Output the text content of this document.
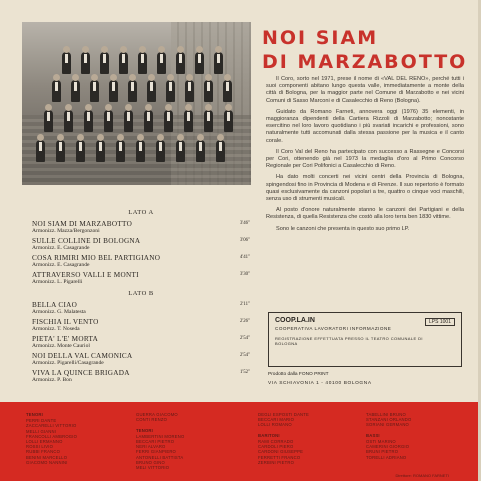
NOI SIAM
DI MARZABOTTO

Il Coro, sorto nel 1971, prese il nome di «VAL DEL RENO», perché tutti i suoi componenti abitano lungo questa valle, immediatamente a monte della città di Bologna, per la maggior parte nel Comune di Marzabotto e nei vicini Comuni di Sasso Marconi e di Casalecchio di Reno (Bologna).

Guidato da Romano Farneti, annovera oggi (1976) 35 elementi, in maggioranza dipendenti della Cartiera Rizzoli di Marzabotto; nonostante esercitino nel loro lavoro quotidiano i più svariati incarichi e professioni, sono naturalmente tutti accomunati dalla stessa passione per la musica e il canto corale.

Il Coro Val del Reno ha partecipato con successo a Rassegne e Concorsi per Cori, ottenendo già nel 1973 la medaglia d'oro al Primo Concorso Regionale per Cori Polifonici a Casalecchio di Reno.

Ha dato molti concerti nei vicini centri della Provincia di Bologna, spingendosi fino in Provincia di Modena e di Firenze. Il suo repertorio è formato quasi esclusivamente da canzoni popolari a tre, quattro o cinque voci maschili, senza uso di strumenti musicali.

Al posto d'onore naturalmente stanno le canzoni dei Partigiani e della Resistenza, di quella Resistenza che costò alla loro terra ben 1830 vittime.

Sono le canzoni che presenta in questo suo primo LP.

LATO A
NOI SIAM DI MARZABOTTO
Armonizz. Mazza/Bergonzoni
3'46"
SULLE COLLINE DI BOLOGNA
Armonizz. E. Casagrande
3'06"
COSA RIMIRI MIO BEL PARTIGIANO
Armonizz. E. Casagrande
4'41"
ATTRAVERSO VALLI E MONTI
Armonizz. L. Pigarelli
3'30"
LATO B
BELLA CIAO
Armonizz. G. Malatesta
2'11"
FISCHIA IL VENTO
Armonizz. T. Noseda
2'26"
PIETA' L'E' MORTA
Armonizz. Monte Cauriol
2'54"
NOI DELLA VAL CAMONICA
Armonizz. Pigarelli/Casagrande
2'54"
VIVA LA QUINCE BRIGADA
Armonizz. P. Bon
1'52"
COOP.LA.IN
COOPERATIVA LAVORATORI INFORMAZIONE
LPS 1001
REGISTRAZIONE EFFETTUATA PRESSO IL TEATRO COMUNALE DI BOLOGNA
Prodotto dalla FONO PRINT
VIA SCHIAVONIA 1 - 40100 BOLOGNA
TENORI
PERRI DANTE
ZACCARELLI VITTORIO
MELLI GIANNI
FRANCOLLI AMBROGIO
LOLLI ERMANNO
ROSSI LIVIO
RUBBI FRANCO
BENINI MARCELLO
GIACOMO NANNINI
GUERRA GIACOMO
CONTI RENZO

TENORI
LAMBERTINI MORENO
BECCARI PIETRO
NERI ALVARO
FERRI GIANPIERO
ANTONELLI BATTISTA
BRUNO GINO
MELI VITTORIO
DEGLI ESPOSTI DANTE
BECCARI MARIO
LOLLI ROMANO

BARITONI
RAMI CORRADO
CARDOLI PIERO
CARDONI GIUSEPPE
FERRETTI FRANCO
ZERBINI PIETRO
TABELLINI BRUNO
STANZANI ORLANDO
SORIANI GERMANO

BASSI
OSTI MARINO
CAMERINI GIORGIO
BRUNI PIETRO
TORELLI ADRIANO
Direttore: ROMANO FARNETI
